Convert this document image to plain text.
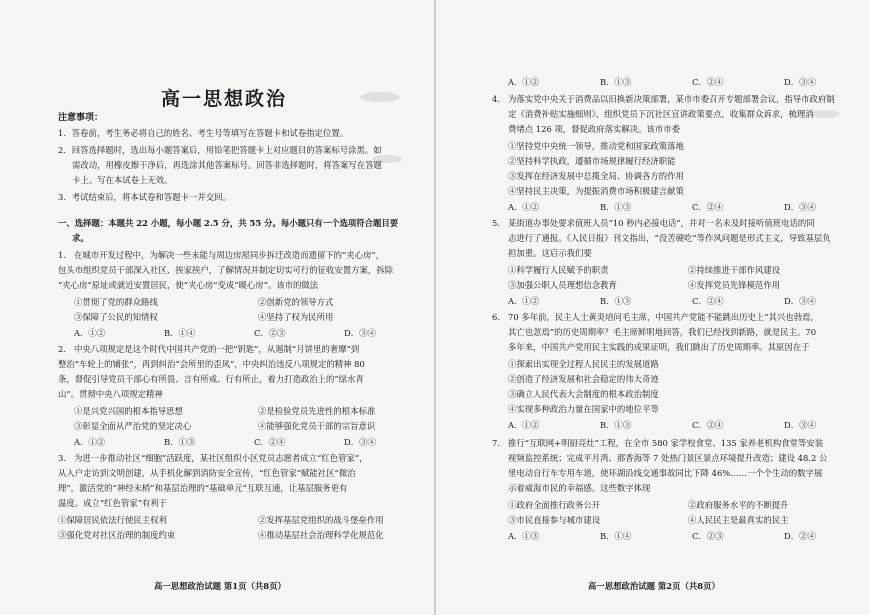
高一思想政治
注意事项：
1．答卷前，考生务必将自己的姓名、考生号等填写在答题卡和试卷指定位置。
2．回答选择题时，选出每小题答案后，用铅笔把答题卡上对应题目的答案标号涂黑。如
需改动，用橡皮擦干净后，再选涂其他答案标号。回答非选择题时，将答案写在答题
卡上。写在本试卷上无效。
3．考试结束后，将本试卷和答题卡一并交回。
一、选择题：本题共 22 小题，每小题 2.5 分，共 55 分。每小题只有一个选项符合题目要
求。
1. 在城市开发过程中，为解决一些未能与周边房屋同步拆迁改造而遗留下的“夹心房”，
包头市组织党员干部深入社区、挨家挨户，了解情况并制定切实可行的征收安置方案，拆除
“夹心房”原址或就近安置居民，使“夹心房”变成“暖心房”。该市的做法
①贯彻了党的群众路线	②创新党的领导方式
③保障了公民的知情权	④坚持了权为民所用
A．①②	B．①④	C．②③	D．③④
2. 中央八项规定是这个时代中国共产党的一把“钥匙”，从遏制“月饼里的奢靡”到
整治“车轮上的铺张”，再到纠治“会所里的歪风”，中央纠治违反八项规定的精神 80
条，督促引导党员干部心有所畏、言有所戒、行有所止，着力打造政治上的“绿水青
山”。贯彻中央八项规定精神
①是兴党兴国的根本指导思想	②是检验党员先进性的根本标准
③彰显全面从严治党的坚定决心	④能够强化党员干部的宗旨意识
A．①②	B．①③	C．②④	D．③④
3. 为进一步推动社区“细胞”活跃度，某社区组织小区党员志愿者成立“红色管家”，
从入户走访到文明创建，从手机化解到消防安全宣传，“红色管家”赋能社区“微治
理”，激活党的“神经末梢”和基层治理的“基础单元”互联互通，让基层服务更有
温度。成立“红色管家”有利于
①保障居民依法行使民主权利	②发挥基层党组织的战斗堡垒作用
③强化党对社区治理的制度约束	④推动基层社会治理科学化规范化
高一思想政治试题 第1页（共8页）
A．①②	B．①③	C．②④	D．③④
4. 为落实党中央关于消费品以旧换新决策部署，某市市委召开专题部署会议，指导市政府制
定《消费补贴实施细则》，组织党员下沉社区宣讲政策要点，收集群众诉求，梳理消
费堵点 126 项，督促政府落实解决。该市市委
①坚持党中央统一领导，推动党和国家政策落地
②坚持科学执政，遵循市场规律履行经济职能
③发挥在经济发展中总揽全局、协调各方的作用
④坚持民主决策，为提振消费市场积极建言献策
A．①②	B．①③	C．②④	D．③④
5. 某街道办事处要求值班人员“10 秒内必接电话”，并对一名未及时接听值班电话的同
志进行了通报。《人民日报》刊文指出，“没苦硬吃”等作风问题是形式主义，导致基层负
担加重。这启示我们要
①科学履行人民赋予的职责	②持续推进干部作风建设
③加强公职人员理想信念教育	④发挥党员先锋模范作用
A．①②	B．①③	C．②④	D．③④
6. 70 多年前，民主人士黄炎培问毛主席，中国共产党能不能跳出历史上“其兴也勃焉，
其亡也忽焉”的历史周期率？毛主席鲜明地回答，我们已经找到新路，就是民主。70
多年来，中国共产党用民主实践的成果证明，我们跳出了历史周期率。其原因在于
①探索出实现全过程人民民主的发展道路
②创造了经济发展和社会稳定的伟大奇迹
③确立人民代表大会制度的根本政治制度
④实现多种政治力量在国家中的地位平等
A．①②	B．①③	C．②④	D．③④
7. 推行“互联网+明厨亮灶”工程，在全市 580 家学校食堂、135 家养老机构食堂等安装
视频监控系统；完成平月湾、那香海等 7 处热门景区景点环境提升改造；建设 48.2 公
里电动自行车专用车道，使环湖沿线交通事故同比下降 46%……一个个生动的数字展
示着威海市民的幸福感。这些数字体现
①政府全面推行政务公开	②政府服务水平的不断提升
③市民直接参与城市建设	④人民民主是最真实的民主
A．①③	B．①④	C．②③	D．②④
高一思想政治试题 第2页（共8页）
